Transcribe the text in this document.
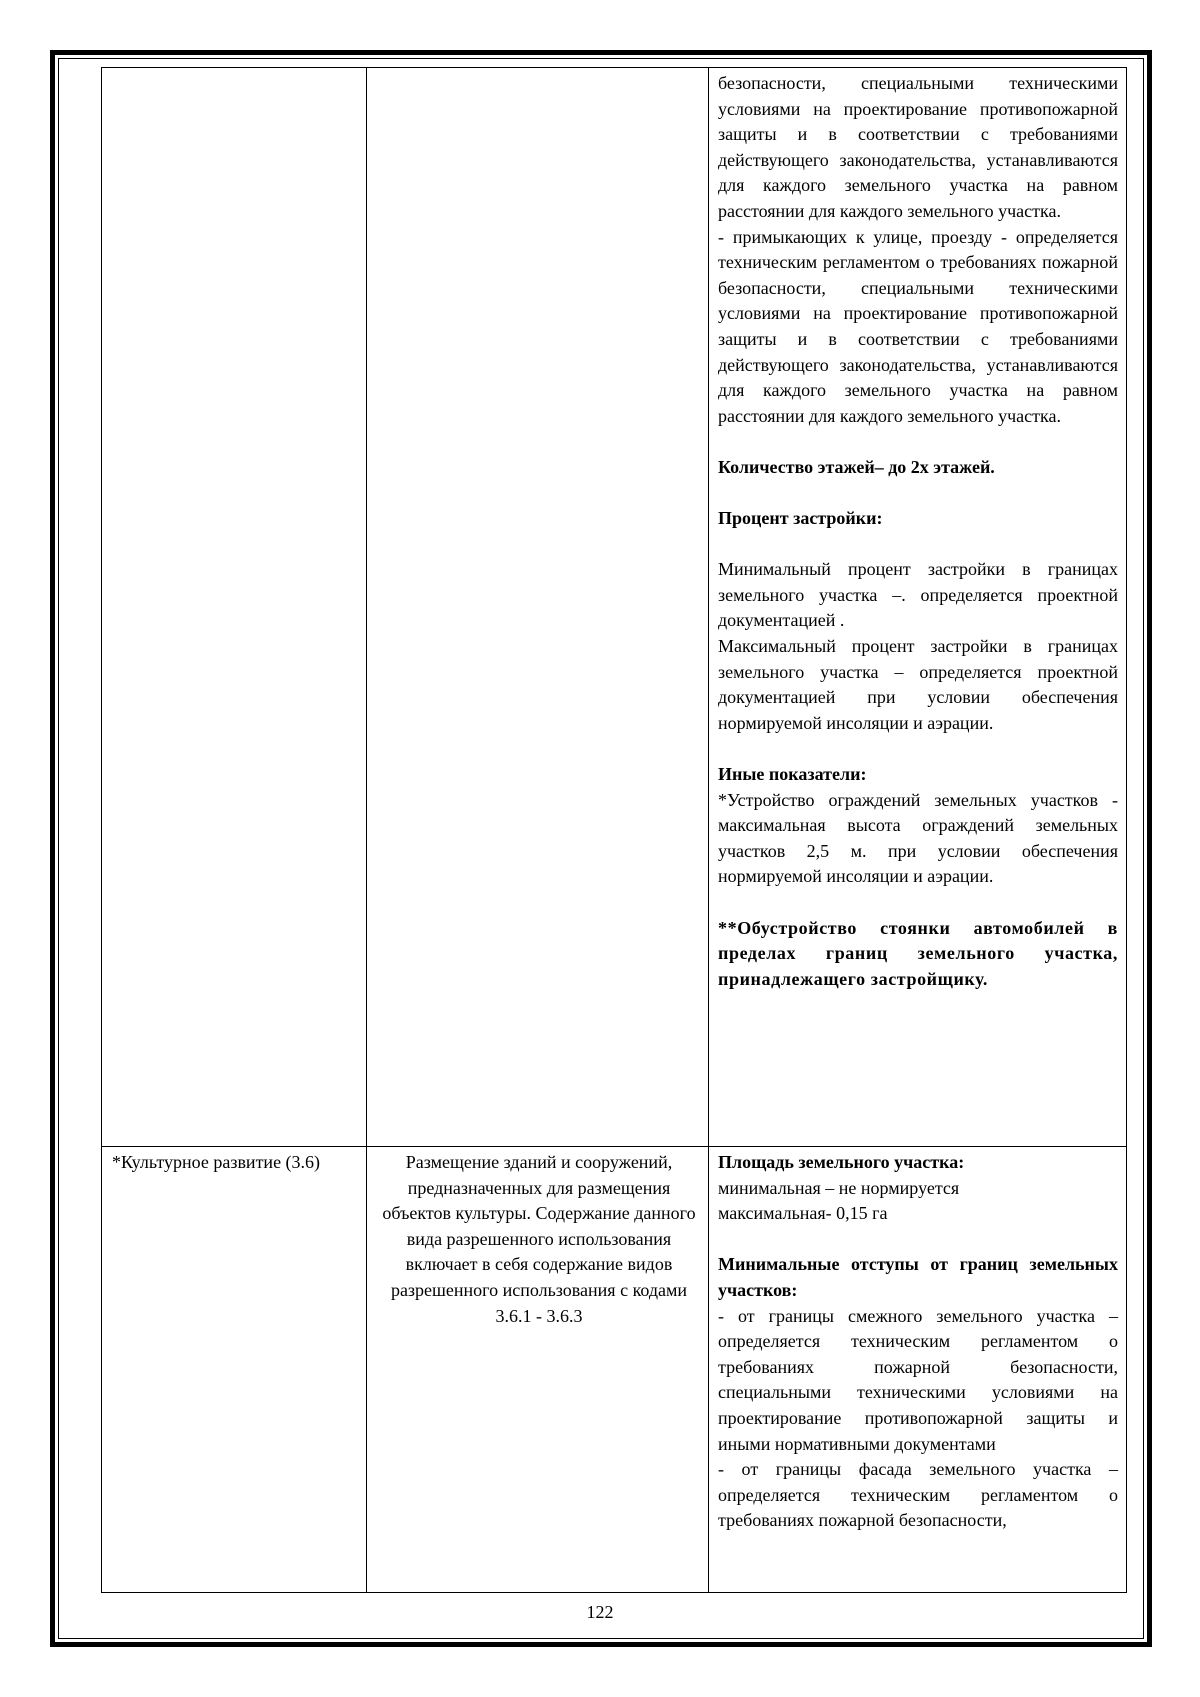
безопасности, специальными техническими условиями на проектирование противопожарной защиты и в соответствии с требованиями действующего законодательства, устанавливаются для каждого земельного участка на равном расстоянии для каждого земельного участка.

- примыкающих к улице, проезду - определяется техническим регламентом о требованиях пожарной безопасности, специальными техническими условиями на проектирование противопожарной защиты и в соответствии с требованиями действующего законодательства, устанавливаются для каждого земельного участка на равном расстоянии для каждого земельного участка.

Количество этажей– до 2х этажей.

Процент застройки:

Минимальный процент застройки в границах земельного участка –. определяется проектной документацией .

Максимальный процент застройки в границах земельного участка – определяется проектной документацией при условии обеспечения нормируемой инсоляции и аэрации.

Иные показатели:

*Устройство ограждений земельных участков - максимальная высота ограждений земельных участков 2,5 м. при условии обеспечения нормируемой инсоляции и аэрации.

**Обустройство стоянки автомобилей в пределах границ земельного участка, принадлежащего застройщику.

*Культурное развитие (3.6)	Размещение зданий и сооружений, предназначенных для размещения объектов культуры. Содержание данного вида разрешенного использования включает в себя содержание видов разрешенного использования с кодами 3.6.1 - 3.6.3

Площадь земельного участка:

минимальная – не нормируется

максимальная- 0,15 га

Минимальные отступы от границ земельных участков:

- от границы смежного земельного участка – определяется техническим регламентом о требованиях пожарной безопасности, специальными техническими условиями на проектирование противопожарной защиты и иными нормативными документами

- от границы фасада земельного участка – определяется техническим регламентом о требованиях пожарной безопасности,

122
